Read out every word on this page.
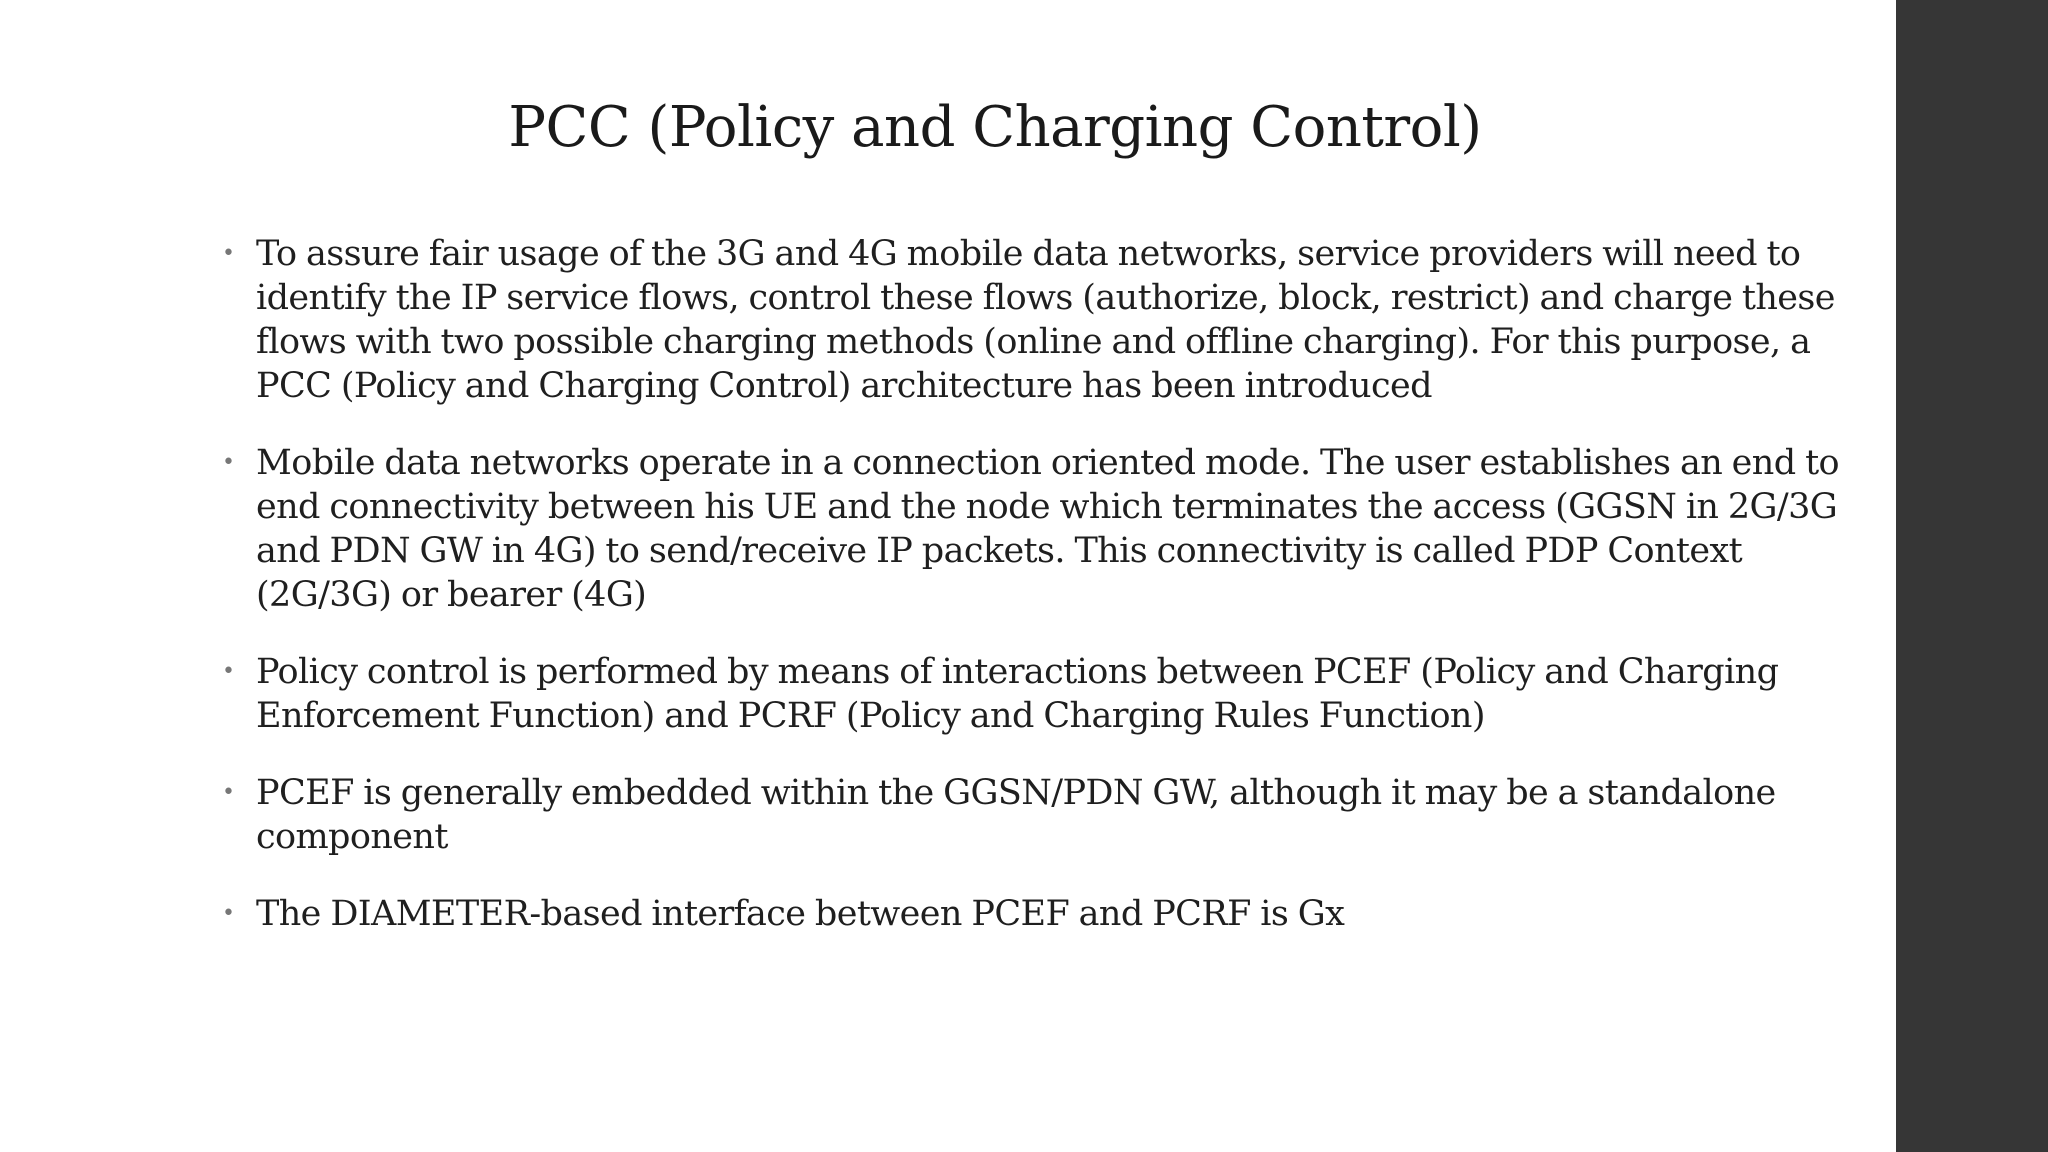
PCC (Policy and Charging Control)
• To assure fair usage of the 3G and 4G mobile data networks, service providers will need to identify the IP service flows, control these flows (authorize, block, restrict) and charge these flows with two possible charging methods (online and offline charging). For this purpose, a PCC (Policy and Charging Control) architecture has been introduced
• Mobile data networks operate in a connection oriented mode. The user establishes an end to end connectivity between his UE and the node which terminates the access (GGSN in 2G/3G and PDN GW in 4G) to send/receive IP packets. This connectivity is called PDP Context (2G/3G) or bearer (4G)
• Policy control is performed by means of interactions between PCEF (Policy and Charging Enforcement Function) and PCRF (Policy and Charging Rules Function)
• PCEF is generally embedded within the GGSN/PDN GW, although it may be a standalone component
• The DIAMETER-based interface between PCEF and PCRF is Gx
